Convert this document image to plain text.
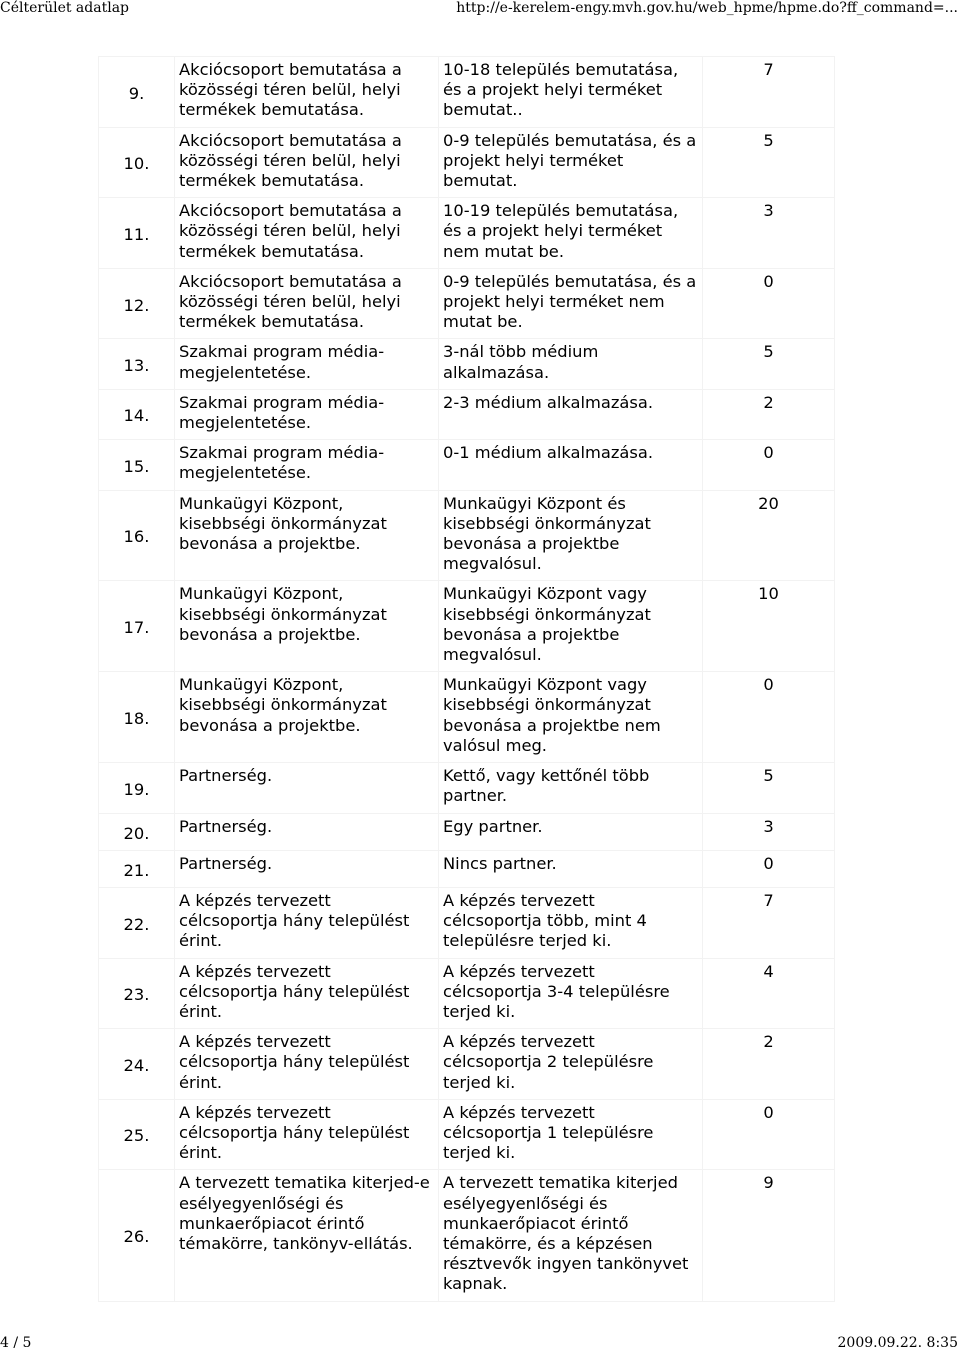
Célterület adatlap	http://e-kerelem-engy.mvh.gov.hu/web_hpme/hpme.do?ff_command=...
9.	Akciócsoport bemutatása a közösségi téren belül, helyi termékek bemutatása.	10-18 település bemutatása, és a projekt helyi terméket bemutat..	7
10.	Akciócsoport bemutatása a közösségi téren belül, helyi termékek bemutatása.	0-9 település bemutatása, és a projekt helyi terméket bemutat.	5
11.	Akciócsoport bemutatása a közösségi téren belül, helyi termékek bemutatása.	10-19 település bemutatása, és a projekt helyi terméket nem mutat be.	3
12.	Akciócsoport bemutatása a közösségi téren belül, helyi termékek bemutatása.	0-9 település bemutatása, és a projekt helyi terméket nem mutat be.	0
13.	Szakmai program média-megjelentetése.	3-nál több médium alkalmazása.	5
14.	Szakmai program média-megjelentetése.	2-3 médium alkalmazása.	2
15.	Szakmai program média-megjelentetése.	0-1 médium alkalmazása.	0
16.	Munkaügyi Központ, kisebbségi önkormányzat bevonása a projektbe.	Munkaügyi Központ és kisebbségi önkormányzat bevonása a projektbe megvalósul.	20
17.	Munkaügyi Központ, kisebbségi önkormányzat bevonása a projektbe.	Munkaügyi Központ vagy kisebbségi önkormányzat bevonása a projektbe megvalósul.	10
18.	Munkaügyi Központ, kisebbségi önkormányzat bevonása a projektbe.	Munkaügyi Központ vagy kisebbségi önkormányzat bevonása a projektbe nem valósul meg.	0
19.	Partnerség.	Kettő, vagy kettőnél több partner.	5
20.	Partnerség.	Egy partner.	3
21.	Partnerség.	Nincs partner.	0
22.	A képzés tervezett célcsoportja hány települést érint.	A képzés tervezett célcsoportja több, mint 4 településre terjed ki.	7
23.	A képzés tervezett célcsoportja hány települést érint.	A képzés tervezett célcsoportja 3-4 településre terjed ki.	4
24.	A képzés tervezett célcsoportja hány települést érint.	A képzés tervezett célcsoportja 2 településre terjed ki.	2
25.	A képzés tervezett célcsoportja hány települést érint.	A képzés tervezett célcsoportja 1 településre terjed ki.	0
26.	A tervezett tematika kiterjed-e esélyegyenlőségi és munkaerőpiacot érintő témakörre, tankönyv-ellátás.	A tervezett tematika kiterjed esélyegyenlőségi és munkaerőpiacot érintő témakörre, és a képzésen résztvevők ingyen tankönyvet kapnak.	9
4 / 5	2009.09.22. 8:35
